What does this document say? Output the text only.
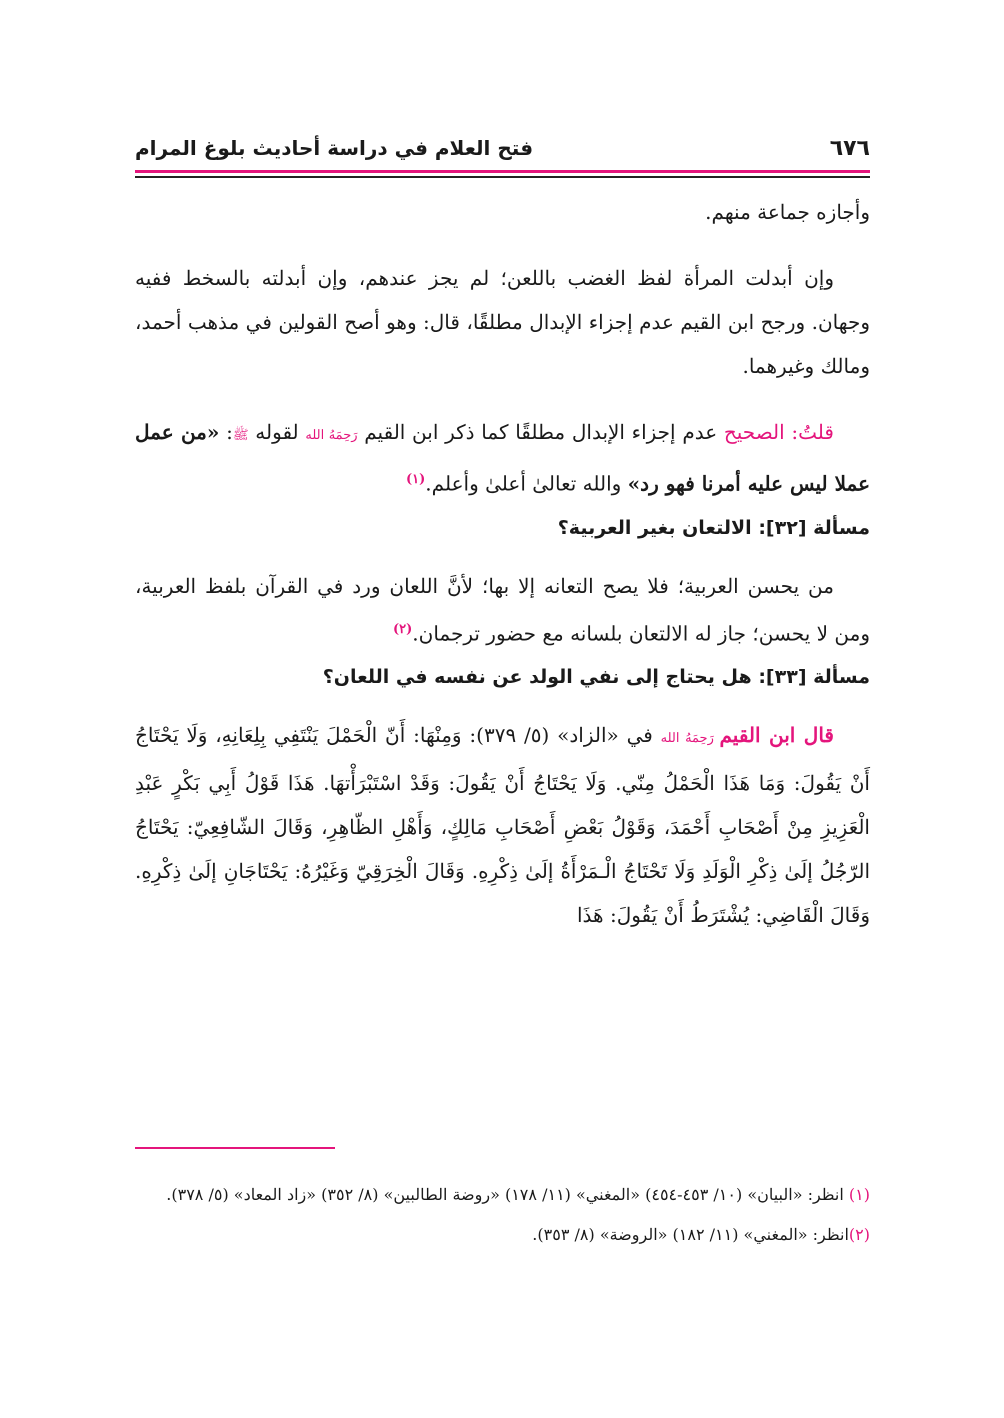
٦٧٦
فتح العلام في دراسة أحاديث بلوغ المرام

وأجازه جماعة منهم.

وإن أبدلت المرأة لفظ الغضب باللعن؛ لم يجز عندهم، وإن أبدلته بالسخط ففيه وجهان. ورجح ابن القيم عدم إجزاء الإبدال مطلقًا، قال: وهو أصح القولين في مذهب أحمد، ومالك وغيرهما.

قلتُ: الصحيح عدم إجزاء الإبدال مطلقًا كما ذكر ابن القيم رَحِمَهُ الله لقوله ﷺ: «من عمل عملا ليس عليه أمرنا فهو رد» والله تعالىٰ أعلىٰ وأعلم.$^{(١)}$

مسألة [٣٢]: الالتعان بغير العربية؟

من يحسن العربية؛ فلا يصح التعانه إلا بها؛ لأنَّ اللعان ورد في القرآن بلفظ العربية، ومن لا يحسن؛ جاز له الالتعان بلسانه مع حضور ترجمان.$^{(٢)}$

مسألة [٣٣]: هل يحتاج إلى نفي الولد عن نفسه في اللعان؟

قال ابن القيم رَحِمَهُ الله في «الزاد» (٥/ ٣٧٩): وَمِنْهَا: أَنّ الْحَمْلَ يَنْتَفِي بِلِعَانِهِ، وَلَا يَحْتَاجُ أَنْ يَقُولَ: وَمَا هَذَا الْحَمْلُ مِنّي. وَلَا يَحْتَاجُ أَنْ يَقُولَ: وَقَدْ اسْتَبْرَأْتهَا. هَذَا قَوْلُ أَبِي بَكْرٍ عَبْدِ الْعَزِيزِ مِنْ أَصْحَابِ أَحْمَدَ، وَقَوْلُ بَعْضِ أَصْحَابِ مَالِكٍ، وَأَهْلِ الظّاهِرِ، وَقَالَ الشّافِعِيّ: يَحْتَاجُ الرّجُلُ إلَىٰ ذِكْرِ الْوَلَدِ وَلَا تَحْتَاجُ الْـمَرْأَةُ إلَىٰ ذِكْرِهِ. وَقَالَ الْخِرَقِيّ وَغَيْرُهُ: يَحْتَاجَانِ إلَىٰ ذِكْرِهِ. وَقَالَ الْقَاضِي: يُشْتَرَطُ أَنْ يَقُولَ: هَذَا

(١) انظر: «البيان» (١٠/ ٤٥٣-٤٥٤) «المغني» (١١/ ١٧٨) «روضة الطالبين» (٨/ ٣٥٢) «زاد المعاد» (٥/ ٣٧٨).

(٢)انظر: «المغني» (١١/ ١٨٢) «الروضة» (٨/ ٣٥٣).
